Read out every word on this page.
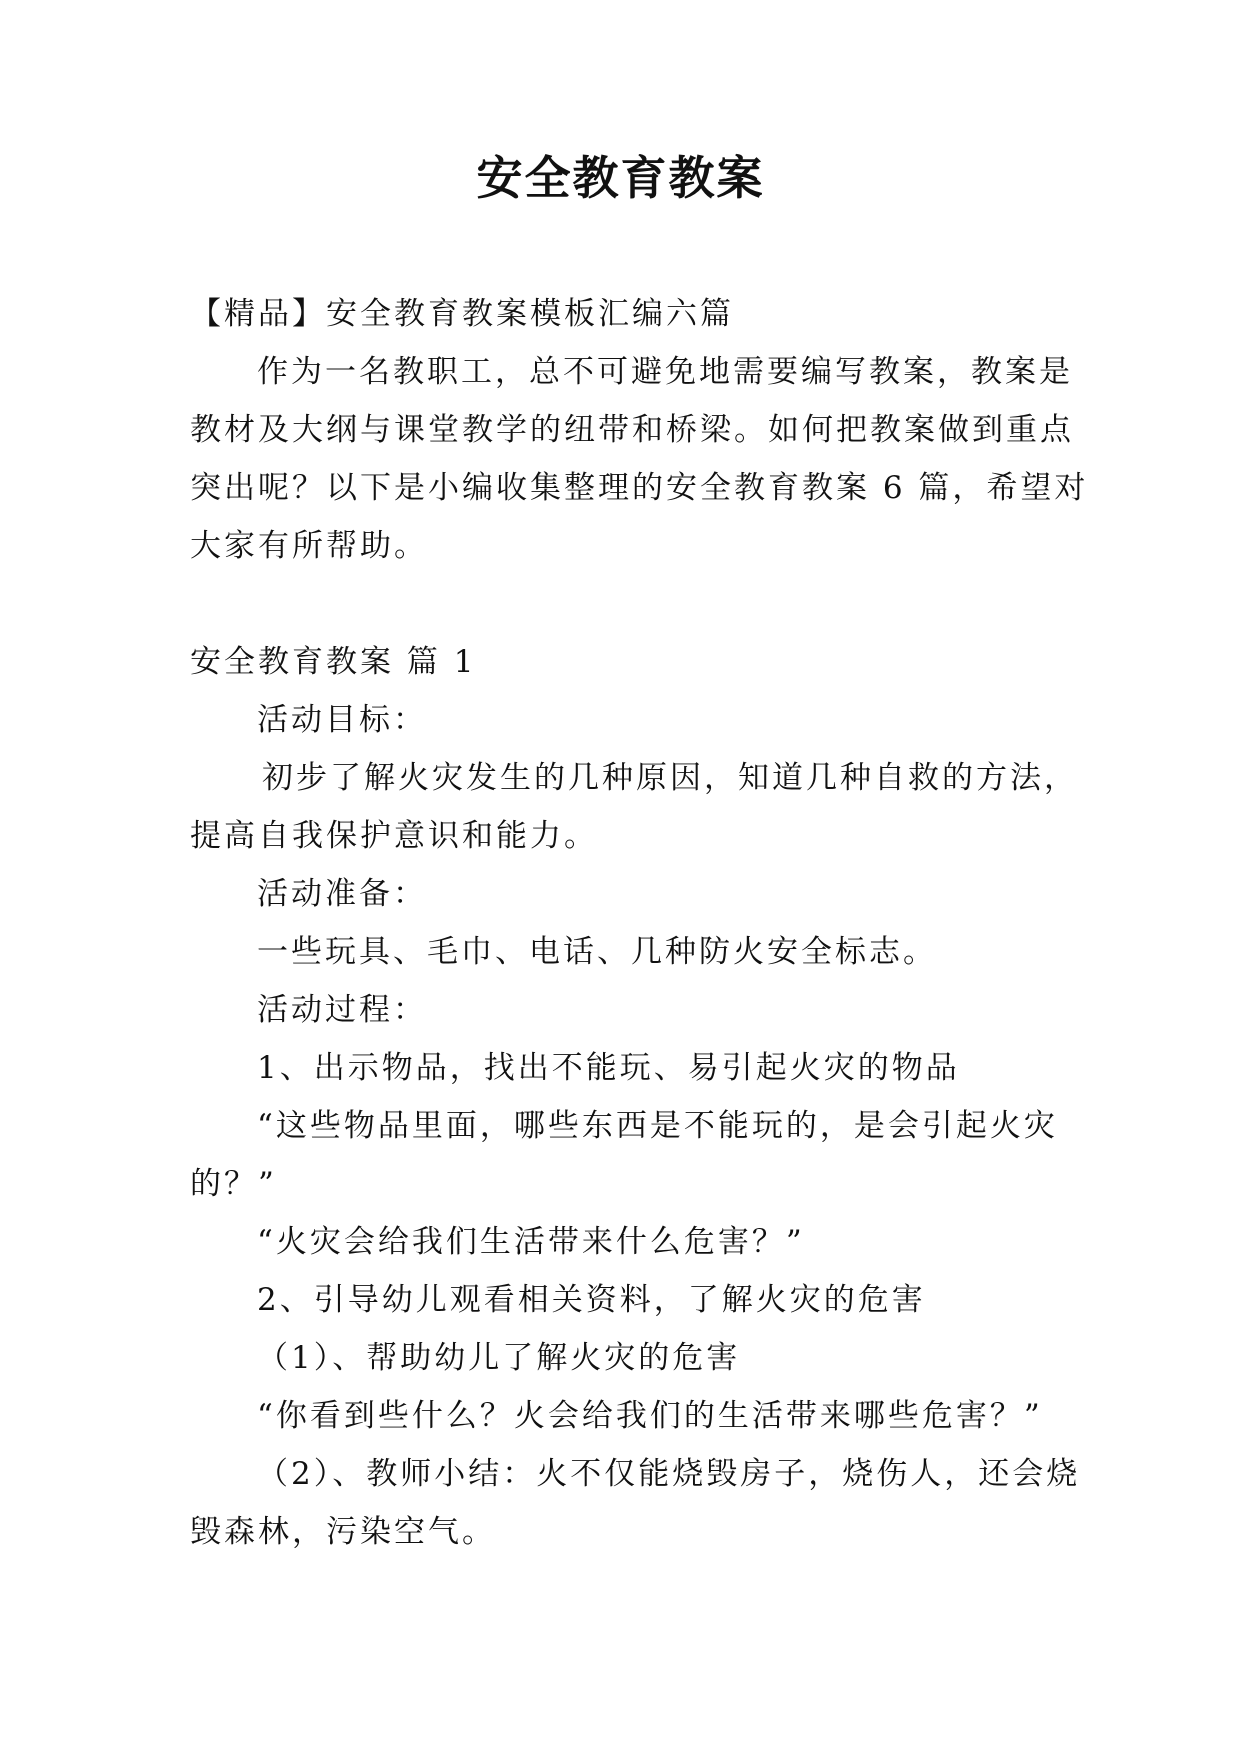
安全教育教案
【精品】安全教育教案模板汇编六篇
作为一名教职工，总不可避免地需要编写教案，教案是
教材及大纲与课堂教学的纽带和桥梁。如何把教案做到重点
突出呢？以下是小编收集整理的安全教育教案 6 篇，希望对
大家有所帮助。
安全教育教案 篇 1
活动目标：
初步了解火灾发生的几种原因，知道几种自救的方法，
提高自我保护意识和能力。
活动准备：
一些玩具、毛巾、电话、几种防火安全标志。
活动过程：
1、出示物品，找出不能玩、易引起火灾的物品
“这些物品里面，哪些东西是不能玩的，是会引起火灾
的？”
“火灾会给我们生活带来什么危害？”
2、引导幼儿观看相关资料，了解火灾的危害
（1）、帮助幼儿了解火灾的危害
“你看到些什么？火会给我们的生活带来哪些危害？”
（2）、教师小结：火不仅能烧毁房子，烧伤人，还会烧
毁森林，污染空气。
